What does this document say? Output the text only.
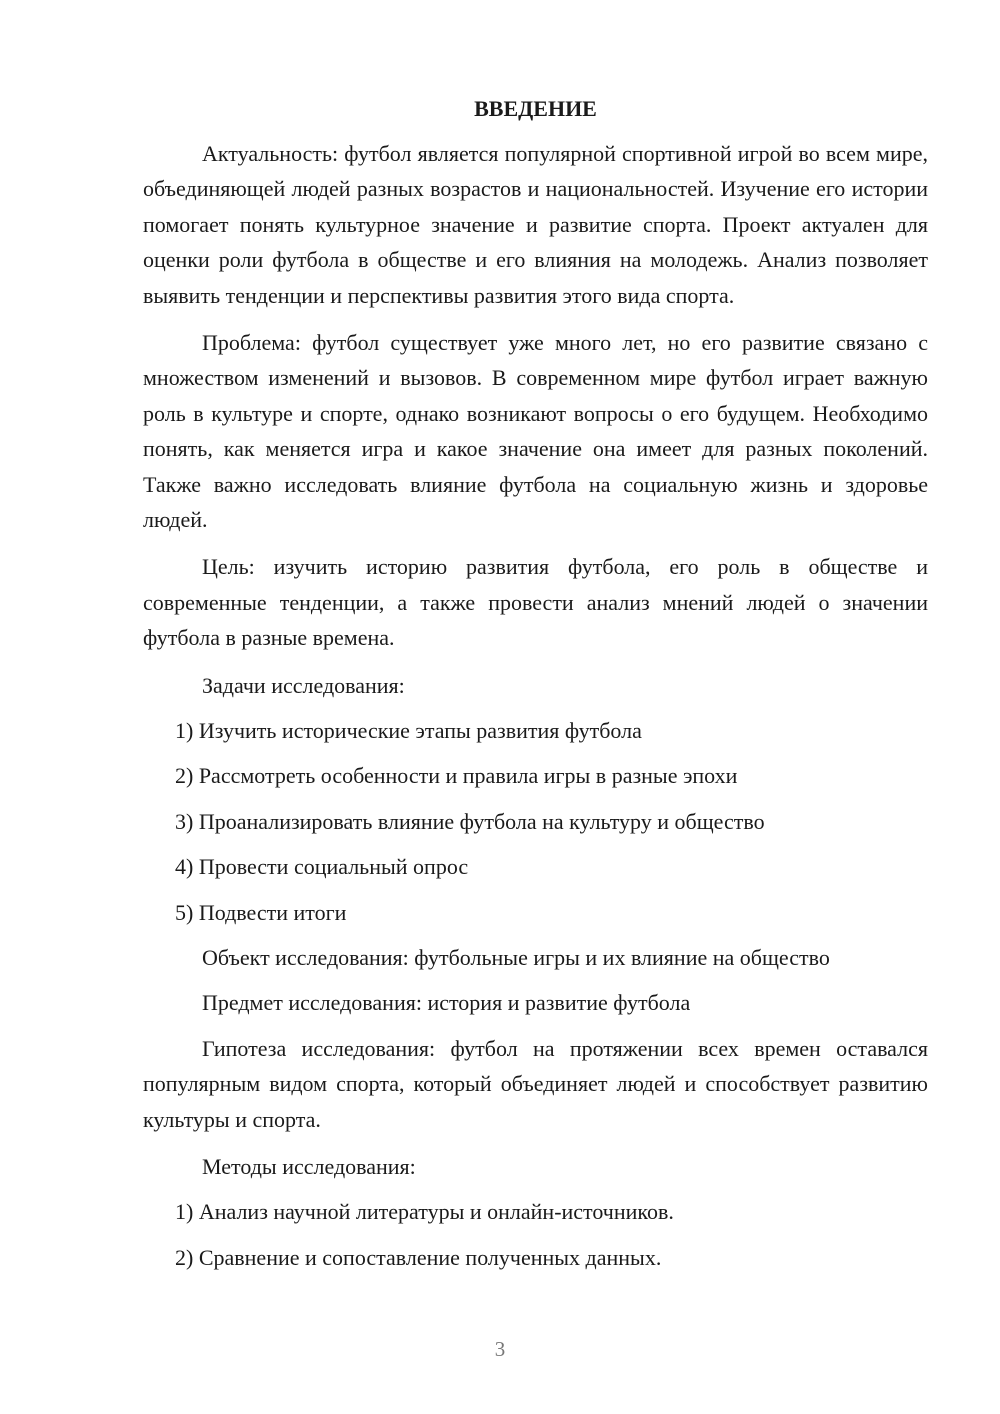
ВВЕДЕНИЕ

Актуальность: футбол является популярной спортивной игрой во всем мире, объединяющей людей разных возрастов и национальностей. Изучение его истории помогает понять культурное значение и развитие спорта. Проект актуален для оценки роли футбола в обществе и его влияния на молодежь. Анализ позволяет выявить тенденции и перспективы развития этого вида спорта.

Проблема: футбол существует уже много лет, но его развитие связано с множеством изменений и вызовов. В современном мире футбол играет важную роль в культуре и спорте, однако возникают вопросы о его будущем. Необходимо понять, как меняется игра и какое значение она имеет для разных поколений. Также важно исследовать влияние футбола на социальную жизнь и здоровье людей.

Цель: изучить историю развития футбола, его роль в обществе и современные тенденции, а также провести анализ мнений людей о значении футбола в разные времена.

Задачи исследования:

1) Изучить исторические этапы развития футбола

2) Рассмотреть особенности и правила игры в разные эпохи

3) Проанализировать влияние футбола на культуру и общество

4) Провести социальный опрос

5) Подвести итоги

Объект исследования: футбольные игры и их влияние на общество

Предмет исследования: история и развитие футбола

Гипотеза исследования: футбол на протяжении всех времен оставался популярным видом спорта, который объединяет людей и способствует развитию культуры и спорта.

Методы исследования:

1) Анализ научной литературы и онлайн-источников.

2) Сравнение и сопоставление полученных данных.

3
